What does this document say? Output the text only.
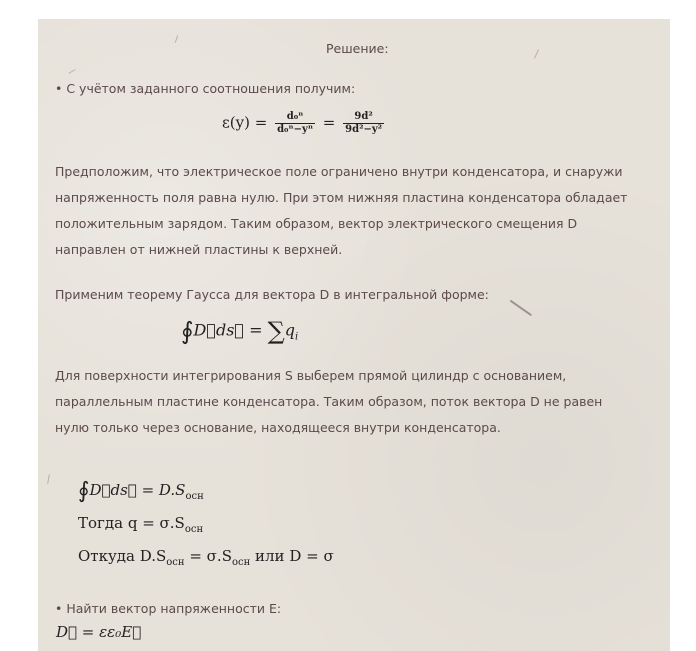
Решение:
• С учётом заданного соотношения получим:
$\varepsilon(y) = \frac{\text{d₀ⁿ}}{\text{d₀ⁿ−yⁿ}} = \frac{\text{9d²}}{\text{9d²−y²}}$
Предположим, что электрическое поле ограничено внутри конденсатора, и снаружи
напряженность поля равна нулю. При этом нижняя пластина конденсатора обладает
положительным зарядом. Таким образом, вектор электрического смещения D
направлен от нижней пластины к верхней.
Применим теорему Гаусса для вектора D в интегральной форме:
∮D⃗ds⃗ = $\sum q_i$
Для поверхности интегрирования S выберем прямой цилиндр с основанием,
параллельным пластине конденсатора. Таким образом, поток вектора D не равен
нулю только через основание, находящееся внутри конденсатора.
∮D⃗ds⃗ = $D.S_{осн}$
Тогда $q = \sigma.S_{осн}$
Откуда $D.S_{осн} = \sigma.S_{осн}$ или D = σ
• Найти вектор напряженности E:
D⃗ = εε₀E⃗
